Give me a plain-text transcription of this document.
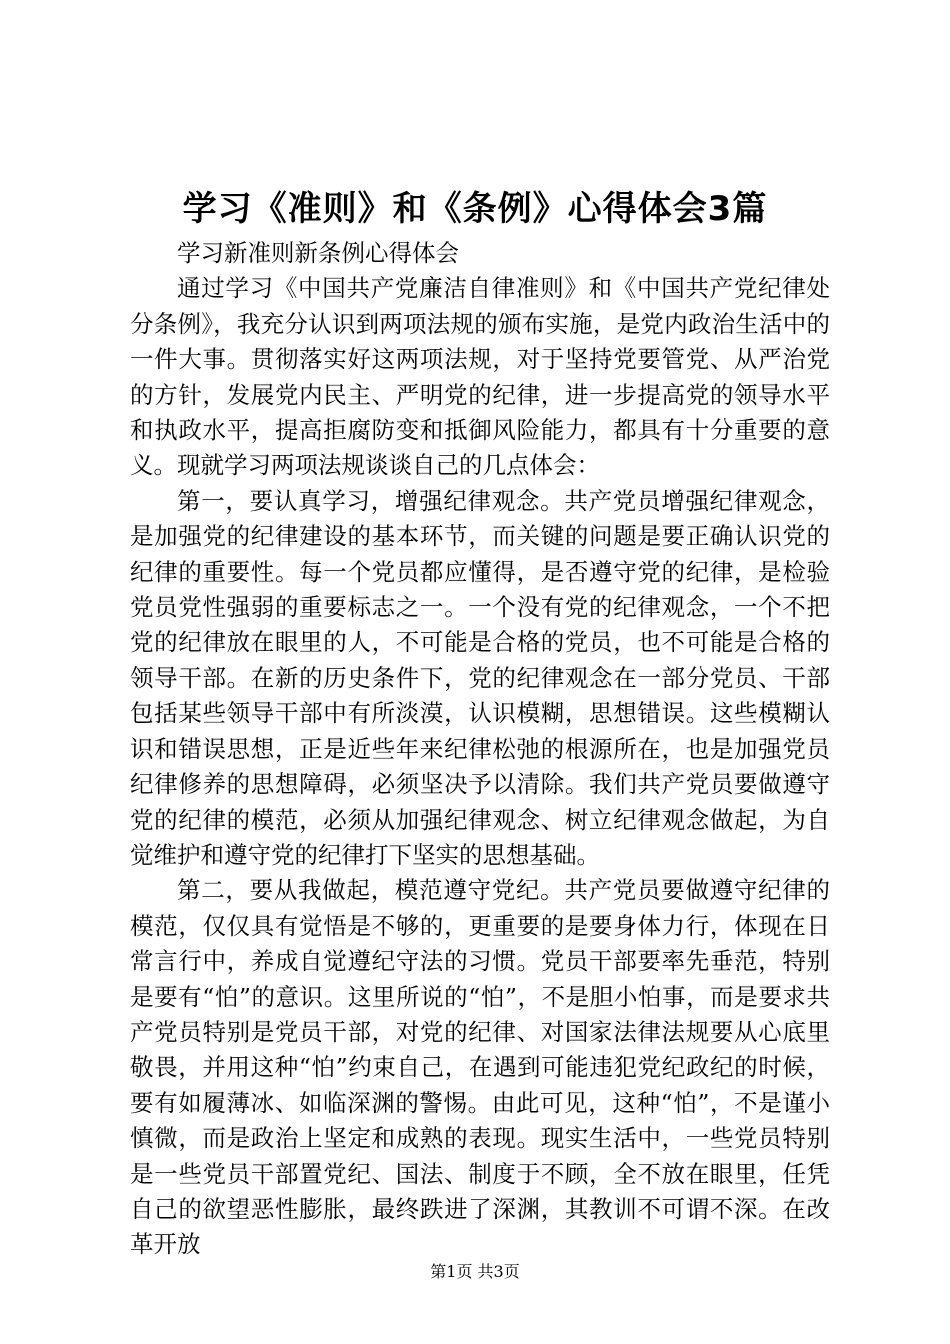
学习《准则》和《条例》心得体会3篇

学习新准则新条例心得体会

通过学习《中国共产党廉洁自律准则》和《中国共产党纪律处分条例》，我充分认识到两项法规的颁布实施，是党内政治生活中的一件大事。贯彻落实好这两项法规，对于坚持党要管党、从严治党的方针，发展党内民主、严明党的纪律，进一步提高党的领导水平和执政水平，提高拒腐防变和抵御风险能力，都具有十分重要的意义。现就学习两项法规谈谈自己的几点体会：

第一，要认真学习，增强纪律观念。共产党员增强纪律观念，是加强党的纪律建设的基本环节，而关键的问题是要正确认识党的纪律的重要性。每一个党员都应懂得，是否遵守党的纪律，是检验党员党性强弱的重要标志之一。一个没有党的纪律观念，一个不把党的纪律放在眼里的人，不可能是合格的党员，也不可能是合格的领导干部。在新的历史条件下，党的纪律观念在一部分党员、干部包括某些领导干部中有所淡漠，认识模糊，思想错误。这些模糊认识和错误思想，正是近些年来纪律松弛的根源所在，也是加强党员纪律修养的思想障碍，必须坚决予以清除。我们共产党员要做遵守党的纪律的模范，必须从加强纪律观念、树立纪律观念做起，为自觉维护和遵守党的纪律打下坚实的思想基础。

第二，要从我做起，模范遵守党纪。共产党员要做遵守纪律的模范，仅仅具有觉悟是不够的，更重要的是要身体力行，体现在日常言行中，养成自觉遵纪守法的习惯。党员干部要率先垂范，特别是要有“怕”的意识。这里所说的“怕”，不是胆小怕事，而是要求共产党员特别是党员干部，对党的纪律、对国家法律法规要从心底里敬畏，并用这种“怕”约束自己，在遇到可能违犯党纪政纪的时候，要有如履薄冰、如临深渊的警惕。由此可见，这种“怕”，不是谨小慎微，而是政治上坚定和成熟的表现。现实生活中，一些党员特别是一些党员干部置党纪、国法、制度于不顾，全不放在眼里，任凭自己的欲望恶性膨胀，最终跌进了深渊，其教训不可谓不深。在改革开放

第1页 共3页
